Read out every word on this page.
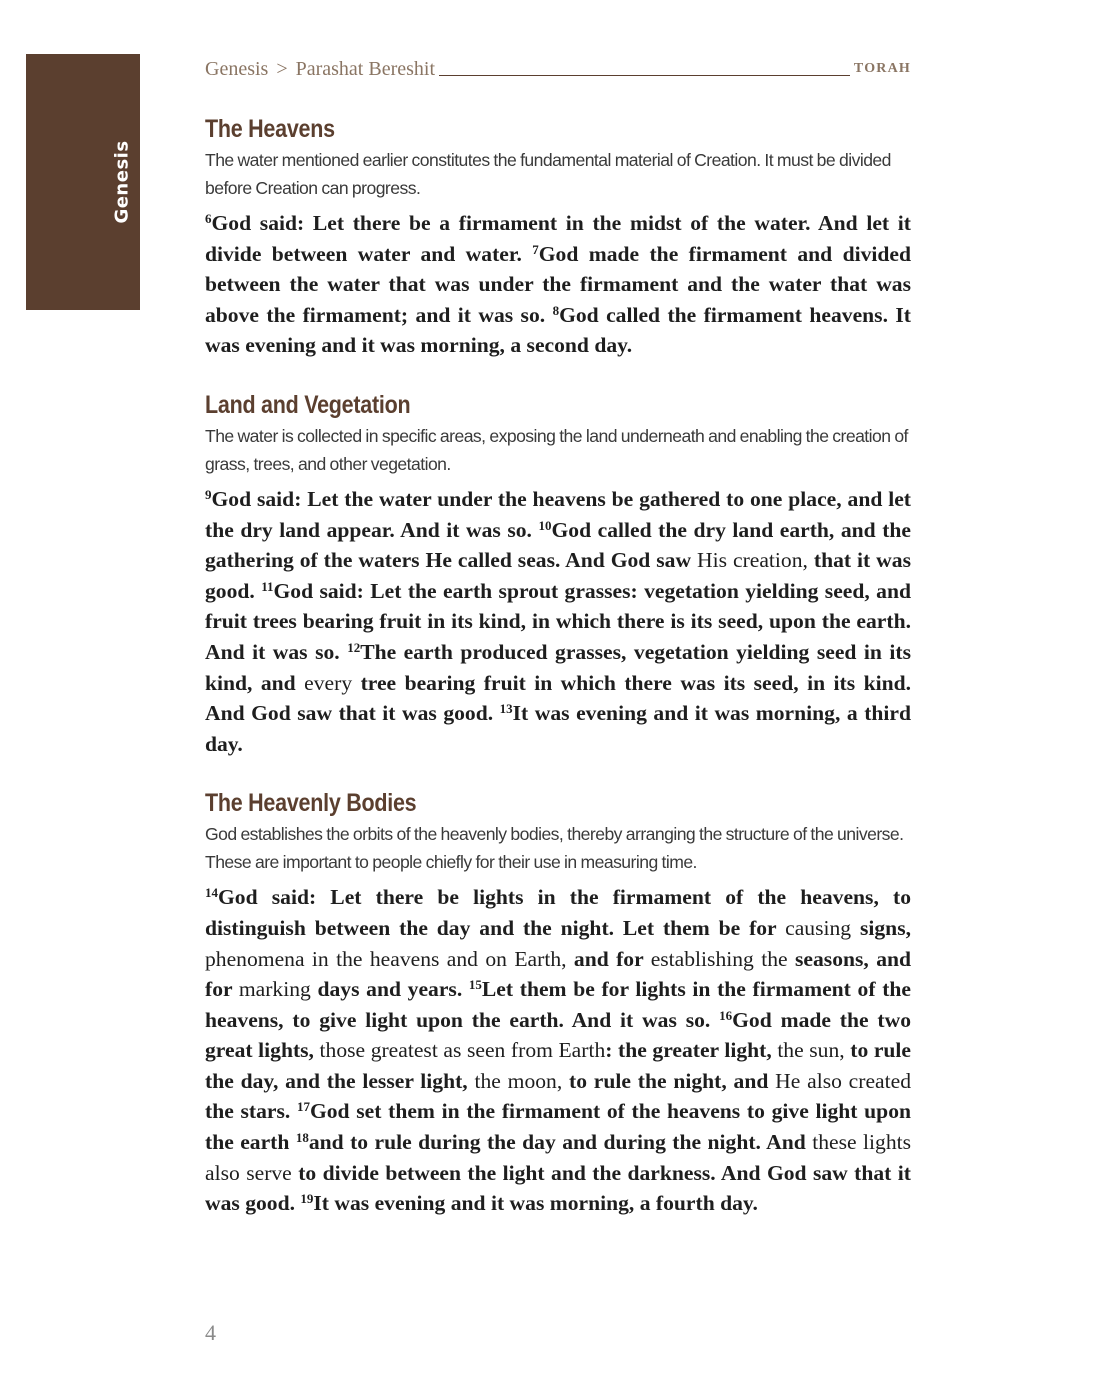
Genesis
Genesis > Parashat Bereshit	TORAH
The Heavens

The water mentioned earlier constitutes the fundamental material of Creation. It must be divided before Creation can progress.

$^6$God said: Let there be a firmament in the midst of the water. And let it divide between water and water. $^7$God made the firmament and divided between the water that was under the firmament and the water that was above the firmament; and it was so. $^8$God called the firmament heavens. It was evening and it was morning, a second day.

Land and Vegetation

The water is collected in specific areas, exposing the land underneath and enabling the creation of grass, trees, and other vegetation.

$^9$God said: Let the water under the heavens be gathered to one place, and let the dry land appear. And it was so. $^{10}$God called the dry land earth, and the gathering of the waters He called seas. And God saw His creation, that it was good. $^{11}$God said: Let the earth sprout grasses: vegetation yielding seed, and fruit trees bearing fruit in its kind, in which there is its seed, upon the earth. And it was so. $^{12}$The earth produced grasses, vegetation yielding seed in its kind, and every tree bearing fruit in which there was its seed, in its kind. And God saw that it was good. $^{13}$It was evening and it was morning, a third day.

The Heavenly Bodies

God establishes the orbits of the heavenly bodies, thereby arranging the structure of the universe. These are important to people chiefly for their use in measuring time.

$^{14}$God said: Let there be lights in the firmament of the heavens, to distinguish between the day and the night. Let them be for causing signs, phenomena in the heavens and on Earth, and for establishing the seasons, and for marking days and years. $^{15}$Let them be for lights in the firmament of the heavens, to give light upon the earth. And it was so. $^{16}$God made the two great lights, those greatest as seen from Earth: the greater light, the sun, to rule the day, and the lesser light, the moon, to rule the night, and He also created the stars. $^{17}$God set them in the firmament of the heavens to give light upon the earth $^{18}$and to rule during the day and during the night. And these lights also serve to divide between the light and the darkness. And God saw that it was good. $^{19}$It was evening and it was morning, a fourth day.

4
